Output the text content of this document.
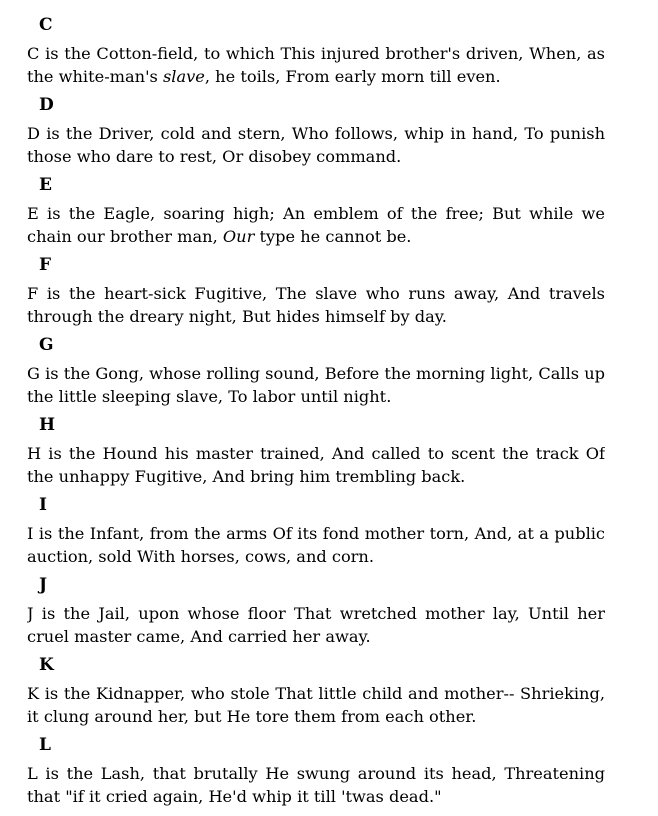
C

C is the Cotton-field, to which This injured brother's driven, When, as the white-man's slave, he toils, From early morn till even.

D

D is the Driver, cold and stern, Who follows, whip in hand, To punish those who dare to rest, Or disobey command.

E

E is the Eagle, soaring high; An emblem of the free; But while we chain our brother man, Our type he cannot be.

F

F is the heart-sick Fugitive, The slave who runs away, And travels through the dreary night, But hides himself by day.

G

G is the Gong, whose rolling sound, Before the morning light, Calls up the little sleeping slave, To labor until night.

H

H is the Hound his master trained, And called to scent the track Of the unhappy Fugitive, And bring him trembling back.

I

I is the Infant, from the arms Of its fond mother torn, And, at a public auction, sold With horses, cows, and corn.

J

J is the Jail, upon whose floor That wretched mother lay, Until her cruel master came, And carried her away.

K

K is the Kidnapper, who stole That little child and mother-- Shrieking, it clung around her, but He tore them from each other.

L

L is the Lash, that brutally He swung around its head, Threatening that "if it cried again, He'd whip it till 'twas dead."
